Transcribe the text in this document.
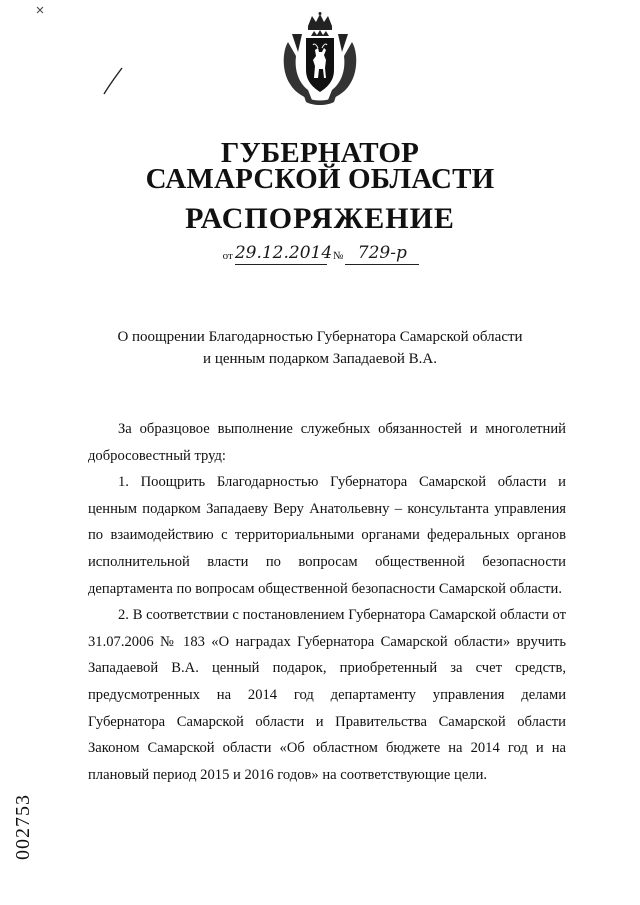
ГУБЕРНАТОР
САМАРСКОЙ ОБЛАСТИ
РАСПОРЯЖЕНИЕ
от 29.12.2014 № 729-р
О поощрении Благодарностью Губернатора Самарской области
и ценным подарком Западаевой В.А.

За образцовое выполнение служебных обязанностей и многолетний добросовестный труд:

1. Поощрить Благодарностью Губернатора Самарской области и ценным подарком Западаеву Веру Анатольевну – консультанта управления по взаимодействию с территориальными органами федеральных органов исполнительной власти по вопросам общественной безопасности департамента по вопросам общественной безопасности Самарской области.

2. В соответствии с постановлением Губернатора Самарской области от 31.07.2006 № 183 «О наградах Губернатора Самарской области» вручить Западаевой В.А. ценный подарок, приобретенный за счет средств, предусмотренных на 2014 год департаменту управления делами Губернатора Самарской области и Правительства Самарской области Законом Самарской области «Об областном бюджете на 2014 год и на плановый период 2015 и 2016 годов» на соответствующие цели.

002753
